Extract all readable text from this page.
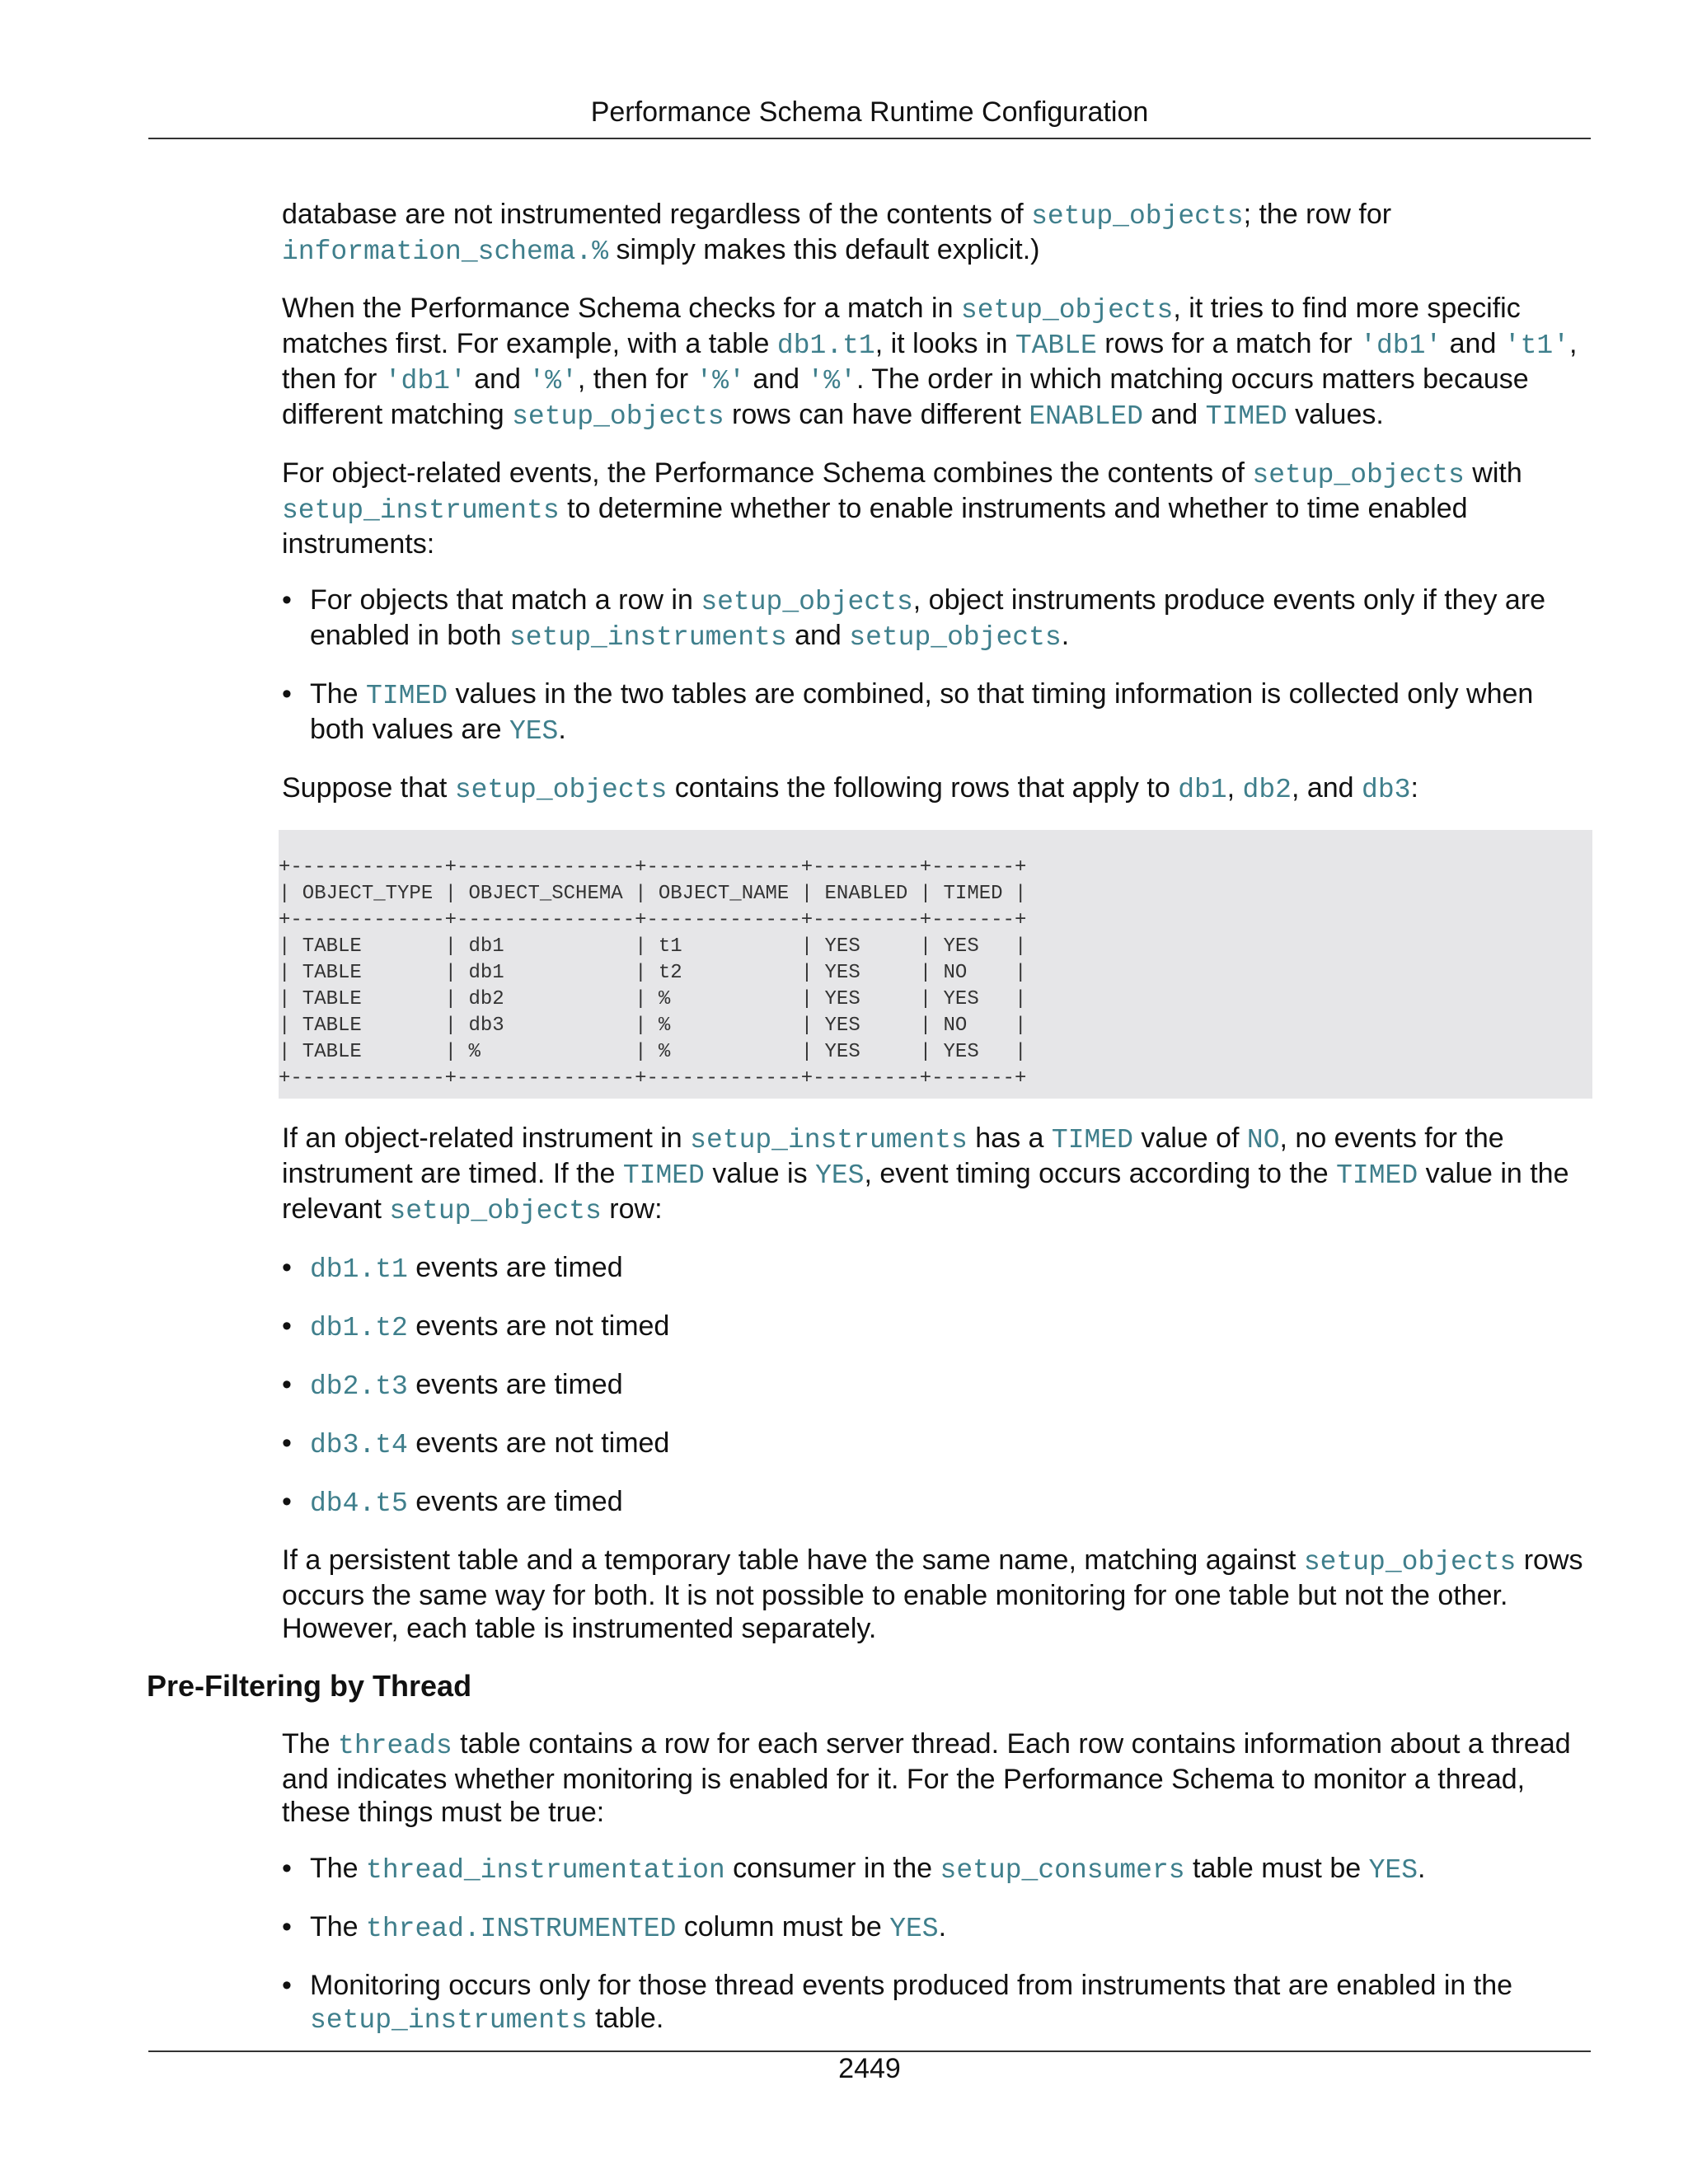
Performance Schema Runtime Configuration

database are not instrumented regardless of the contents of setup_objects; the row for information_schema.% simply makes this default explicit.)

When the Performance Schema checks for a match in setup_objects, it tries to find more specific matches first. For example, with a table db1.t1, it looks in TABLE rows for a match for 'db1' and 't1', then for 'db1' and '%', then for '%' and '%'. The order in which matching occurs matters because different matching setup_objects rows can have different ENABLED and TIMED values.

For object-related events, the Performance Schema combines the contents of setup_objects with setup_instruments to determine whether to enable instruments and whether to time enabled instruments:

• For objects that match a row in setup_objects, object instruments produce events only if they are enabled in both setup_instruments and setup_objects.
• The TIMED values in the two tables are combined, so that timing information is collected only when both values are YES.

Suppose that setup_objects contains the following rows that apply to db1, db2, and db3:

+-------------+---------------+-------------+---------+-------+
| OBJECT_TYPE | OBJECT_SCHEMA | OBJECT_NAME | ENABLED | TIMED |
+-------------+---------------+-------------+---------+-------+
| TABLE       | db1           | t1          | YES     | YES   |
| TABLE       | db1           | t2          | YES     | NO    |
| TABLE       | db2           | %           | YES     | YES   |
| TABLE       | db3           | %           | YES     | NO    |
| TABLE       | %             | %           | YES     | YES   |
+-------------+---------------+-------------+---------+-------+

If an object-related instrument in setup_instruments has a TIMED value of NO, no events for the instrument are timed. If the TIMED value is YES, event timing occurs according to the TIMED value in the relevant setup_objects row:

• db1.t1 events are timed
• db1.t2 events are not timed
• db2.t3 events are timed
• db3.t4 events are not timed
• db4.t5 events are timed

If a persistent table and a temporary table have the same name, matching against setup_objects rows occurs the same way for both. It is not possible to enable monitoring for one table but not the other. However, each table is instrumented separately.

Pre-Filtering by Thread

The threads table contains a row for each server thread. Each row contains information about a thread and indicates whether monitoring is enabled for it. For the Performance Schema to monitor a thread, these things must be true:

• The thread_instrumentation consumer in the setup_consumers table must be YES.
• The thread.INSTRUMENTED column must be YES.
• Monitoring occurs only for those thread events produced from instruments that are enabled in the setup_instruments table.
2449
